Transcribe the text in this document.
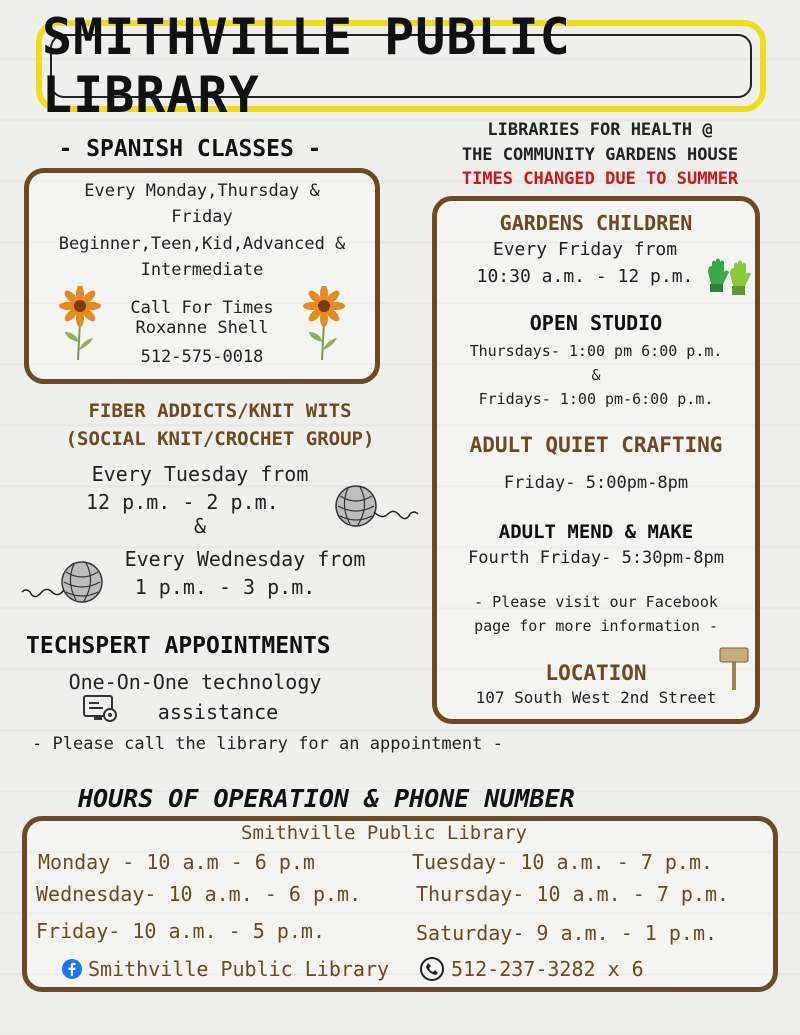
SMITHVILLE PUBLIC LIBRARY
- SPANISH CLASSES -
Every Monday,Thursday &
Friday
Beginner,Teen,Kid,Advanced &
Intermediate
Call For Times
Roxanne Shell
512-575-0018
LIBRARIES FOR HEALTH @
THE COMMUNITY GARDENS HOUSE
TIMES CHANGED DUE TO SUMMER
GARDENS CHILDREN
Every Friday from
10:30 a.m. - 12 p.m.
OPEN STUDIO
Thursdays- 1:00 pm 6:00 p.m.
&
Fridays- 1:00 pm-6:00 p.m.
ADULT QUIET CRAFTING
Friday- 5:00pm-8pm
ADULT MEND & MAKE
Fourth Friday- 5:30pm-8pm
- Please visit our Facebook
page for more information -
LOCATION
107 South West 2nd Street
FIBER ADDICTS/KNIT WITS
(SOCIAL KNIT/CROCHET GROUP)
Every Tuesday from
12 p.m. - 2 p.m.
&
Every Wednesday from
1 p.m. - 3 p.m.
TECHSPERT APPOINTMENTS
One-On-One technology
assistance
- Please call the library for an appointment -
HOURS OF OPERATION & PHONE NUMBER
Smithville Public Library
Monday - 10 a.m - 6 p.m	Tuesday- 10 a.m. - 7 p.m.
Wednesday- 10 a.m. - 6 p.m.	Thursday- 10 a.m. - 7 p.m.
Friday- 10 a.m. - 5 p.m.	Saturday- 9 a.m. - 1 p.m.
Smithville Public Library	512-237-3282 x 6
